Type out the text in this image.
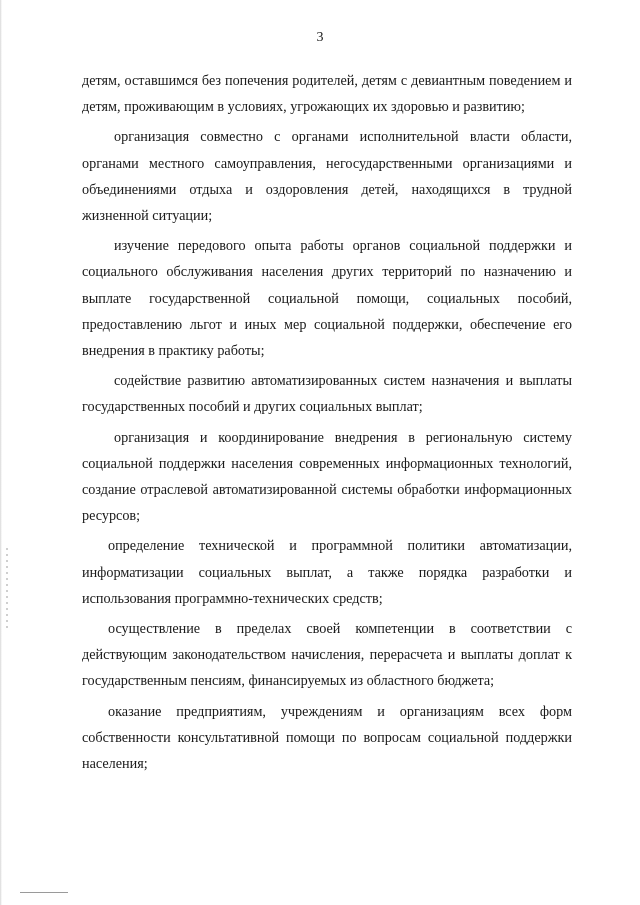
3

детям, оставшимся без попечения родителей, детям с девиантным поведением и детям, проживающим в условиях, угрожающих их здоровью и развитию;

организация совместно с органами исполнительной власти области, органами местного самоуправления, негосударственными организациями и объединениями отдыха и оздоровления детей, находящихся в трудной жизненной ситуации;

изучение передового опыта работы органов социальной поддержки и социального обслуживания населения других территорий по назначению и выплате государственной социальной помощи, социальных пособий, предоставлению льгот и иных мер социальной поддержки, обеспечение его внедрения в практику работы;

содействие развитию автоматизированных систем назначения и выплаты государственных пособий и других социальных выплат;

организация и координирование внедрения в региональную систему социальной поддержки населения современных информационных технологий, создание отраслевой автоматизированной системы обработки информационных ресурсов;

определение технической и программной политики автоматизации, информатизации социальных выплат, а также порядка разработки и использования программно-технических средств;

осуществление в пределах своей компетенции в соответствии с действующим законодательством начисления, перерасчета и выплаты доплат к государственным пенсиям, финансируемых из областного бюджета;

оказание предприятиям, учреждениям и организациям всех форм собственности консультативной помощи по вопросам социальной поддержки населения;
